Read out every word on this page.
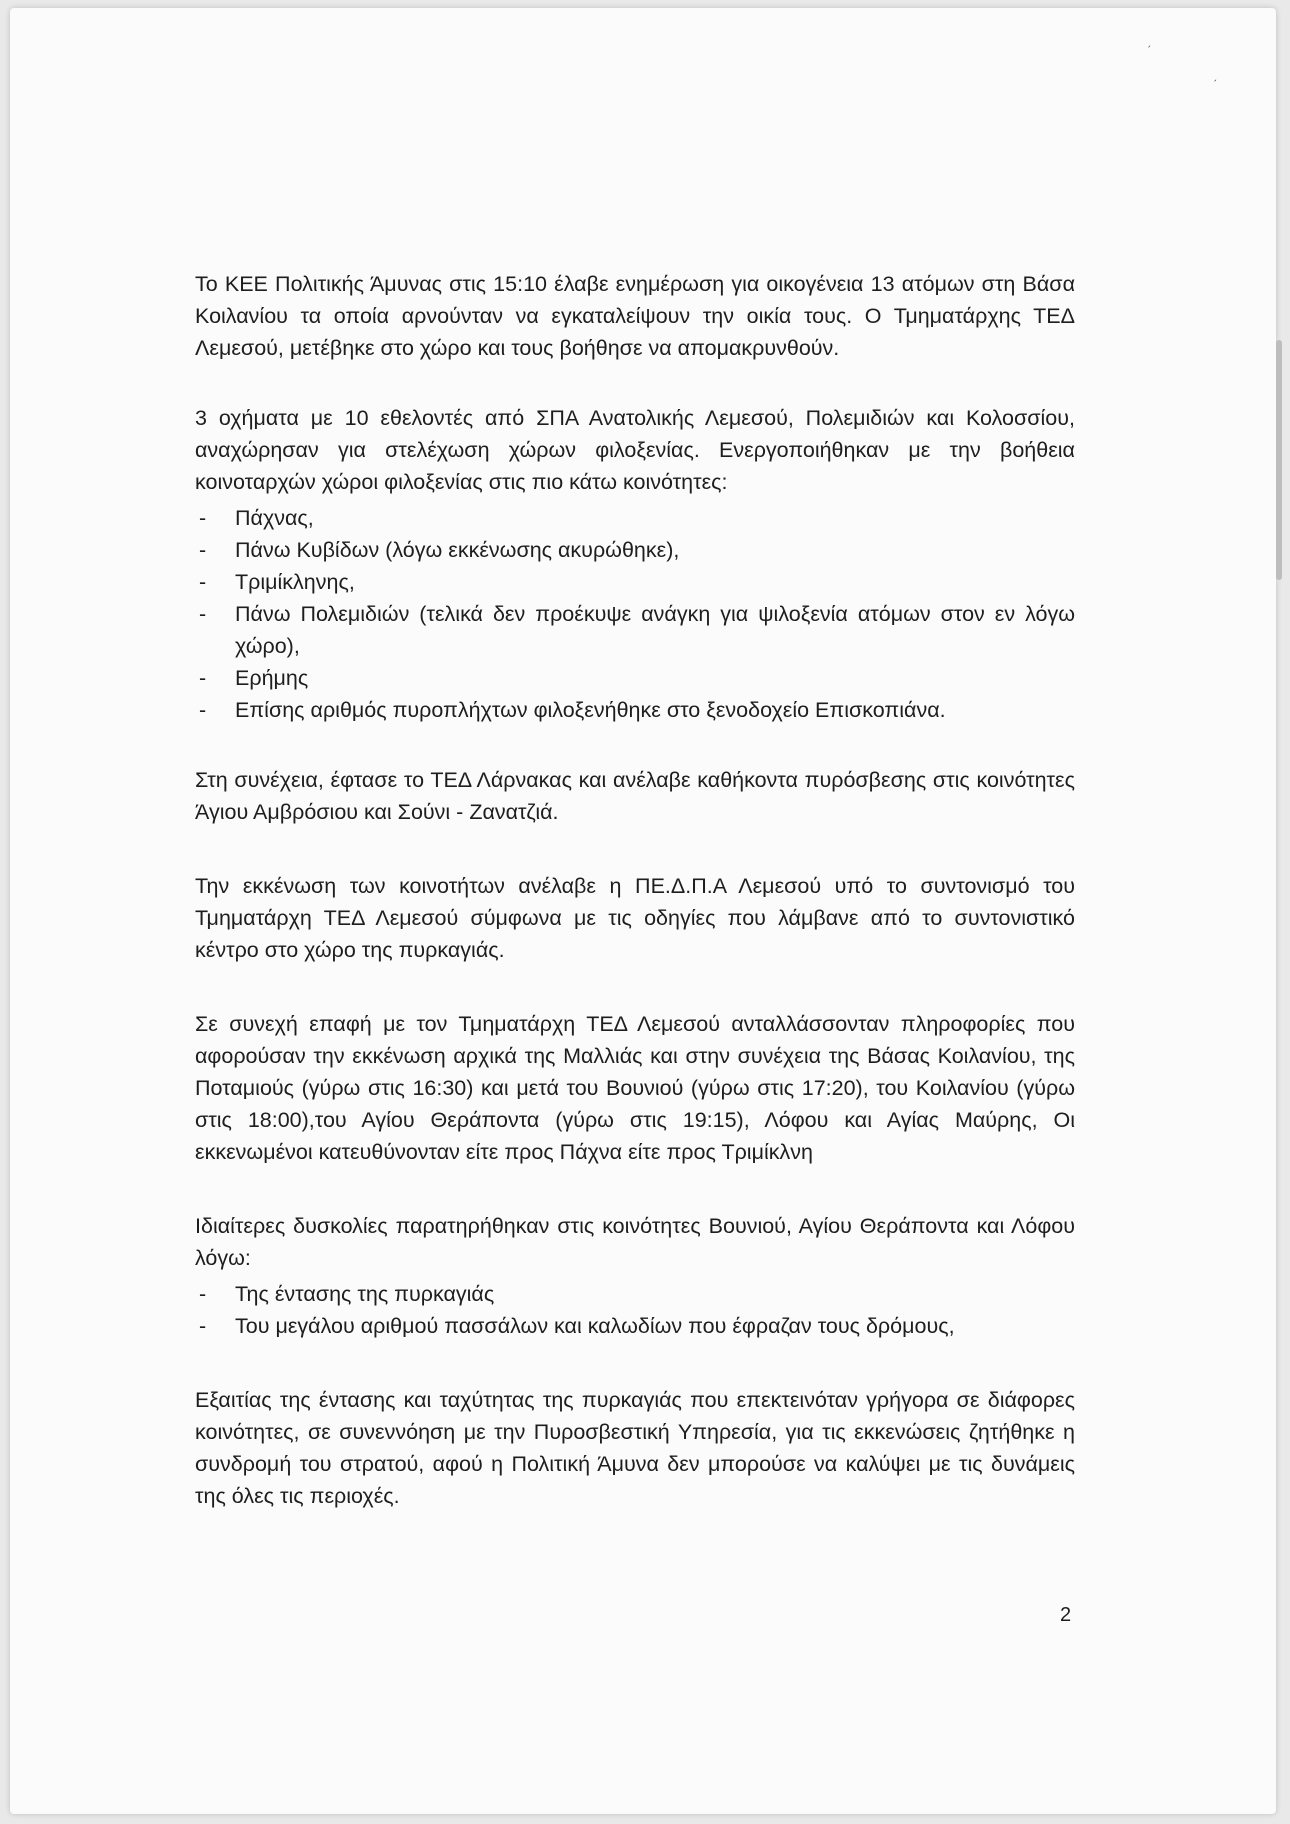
ˏ
ˏ

Το ΚΕΕ Πολιτικής Άμυνας στις 15:10 έλαβε ενημέρωση για οικογένεια 13 ατόμων στη Βάσα Κοιλανίου τα οποία αρνούνταν να εγκαταλείψουν την οικία τους. Ο Τμηματάρχης ΤΕΔ Λεμεσού, μετέβηκε στο χώρο και τους βοήθησε να απομακρυνθούν.

3 οχήματα με 10 εθελοντές από ΣΠΑ Ανατολικής Λεμεσού, Πολεμιδιών και Κολοσσίου, αναχώρησαν για στελέχωση χώρων φιλοξενίας. Ενεργοποιήθηκαν με την βοήθεια κοινοταρχών χώροι φιλοξενίας στις πιο κάτω κοινότητες:

- Πάχνας,
- Πάνω Κυβίδων (λόγω εκκένωσης ακυρώθηκε),
- Τριμίκληνης,
- Πάνω Πολεμιδιών (τελικά δεν προέκυψε ανάγκη για ψιλοξενία ατόμων στον εν λόγω χώρο),
- Ερήμης
- Επίσης αριθμός πυροπλήχτων φιλοξενήθηκε στο ξενοδοχείο Επισκοπιάνα.

Στη συνέχεια, έφτασε το ΤΕΔ Λάρνακας και ανέλαβε καθήκοντα πυρόσβεσης στις κοινότητες Άγιου Αμβρόσιου και Σούνι - Ζανατζιά.

Την εκκένωση των κοινοτήτων ανέλαβε η ΠΕ.Δ.Π.Α Λεμεσού υπό το συντονισμό του Τμηματάρχη ΤΕΔ Λεμεσού σύμφωνα με τις οδηγίες που λάμβανε από το συντονιστικό κέντρο στο χώρο της πυρκαγιάς.

Σε συνεχή επαφή με τον Τμηματάρχη ΤΕΔ Λεμεσού ανταλλάσσονταν πληροφορίες που αφορούσαν την εκκένωση αρχικά της Μαλλιάς και στην συνέχεια της Βάσας Κοιλανίου, της Ποταμιούς (γύρω στις 16:30) και μετά του Βουνιού (γύρω στις 17:20), του Κοιλανίου (γύρω στις 18:00),του Αγίου Θεράποντα (γύρω στις 19:15), Λόφου και Αγίας Μαύρης, Οι εκκενωμένοι κατευθύνονταν είτε προς Πάχνα είτε προς Τριμίκλνη

Ιδιαίτερες δυσκολίες παρατηρήθηκαν στις κοινότητες Βουνιού, Αγίου Θεράποντα και Λόφου λόγω:

- Της έντασης της πυρκαγιάς
- Του μεγάλου αριθμού πασσάλων και καλωδίων που έφραζαν τους δρόμους,

Εξαιτίας της έντασης και ταχύτητας της πυρκαγιάς που επεκτεινόταν γρήγορα σε διάφορες κοινότητες, σε συνεννόηση με την Πυροσβεστική Υπηρεσία, για τις εκκενώσεις ζητήθηκε η συνδρομή του στρατού, αφού η Πολιτική Άμυνα δεν μπορούσε να καλύψει με τις δυνάμεις της όλες τις περιοχές.

2
